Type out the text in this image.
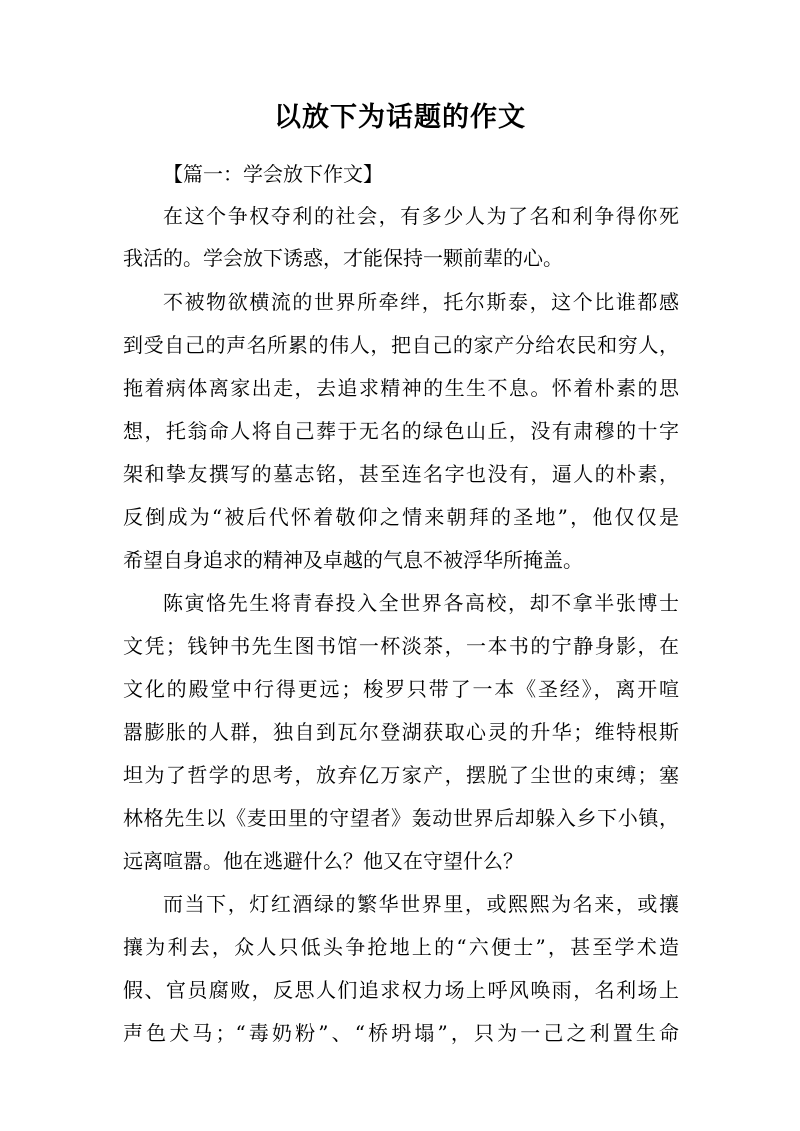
以放下为话题的作文
【篇一：学会放下作文】
在这个争权夺利的社会，有多少人为了名和利争得你死
我活的。学会放下诱惑，才能保持一颗前辈的心。
不被物欲横流的世界所牵绊，托尔斯泰，这个比谁都感
到受自己的声名所累的伟人，把自己的家产分给农民和穷人，
拖着病体离家出走，去追求精神的生生不息。怀着朴素的思
想，托翁命人将自己葬于无名的绿色山丘，没有肃穆的十字
架和挚友撰写的墓志铭，甚至连名字也没有，逼人的朴素，
反倒成为“被后代怀着敬仰之情来朝拜的圣地”，他仅仅是
希望自身追求的精神及卓越的气息不被浮华所掩盖。
陈寅恪先生将青春投入全世界各高校，却不拿半张博士
文凭；钱钟书先生图书馆一杯淡茶，一本书的宁静身影，在
文化的殿堂中行得更远；梭罗只带了一本《圣经》，离开喧
嚣膨胀的人群，独自到瓦尔登湖获取心灵的升华；维特根斯
坦为了哲学的思考，放弃亿万家产，摆脱了尘世的束缚；塞
林格先生以《麦田里的守望者》轰动世界后却躲入乡下小镇，
远离喧嚣。他在逃避什么？他又在守望什么？
而当下，灯红酒绿的繁华世界里，或熙熙为名来，或攘
攘为利去，众人只低头争抢地上的“六便士”，甚至学术造
假、官员腐败，反思人们追求权力场上呼风唤雨，名利场上
声色犬马；“毒奶粉”、“桥坍塌”，只为一己之利置生命
